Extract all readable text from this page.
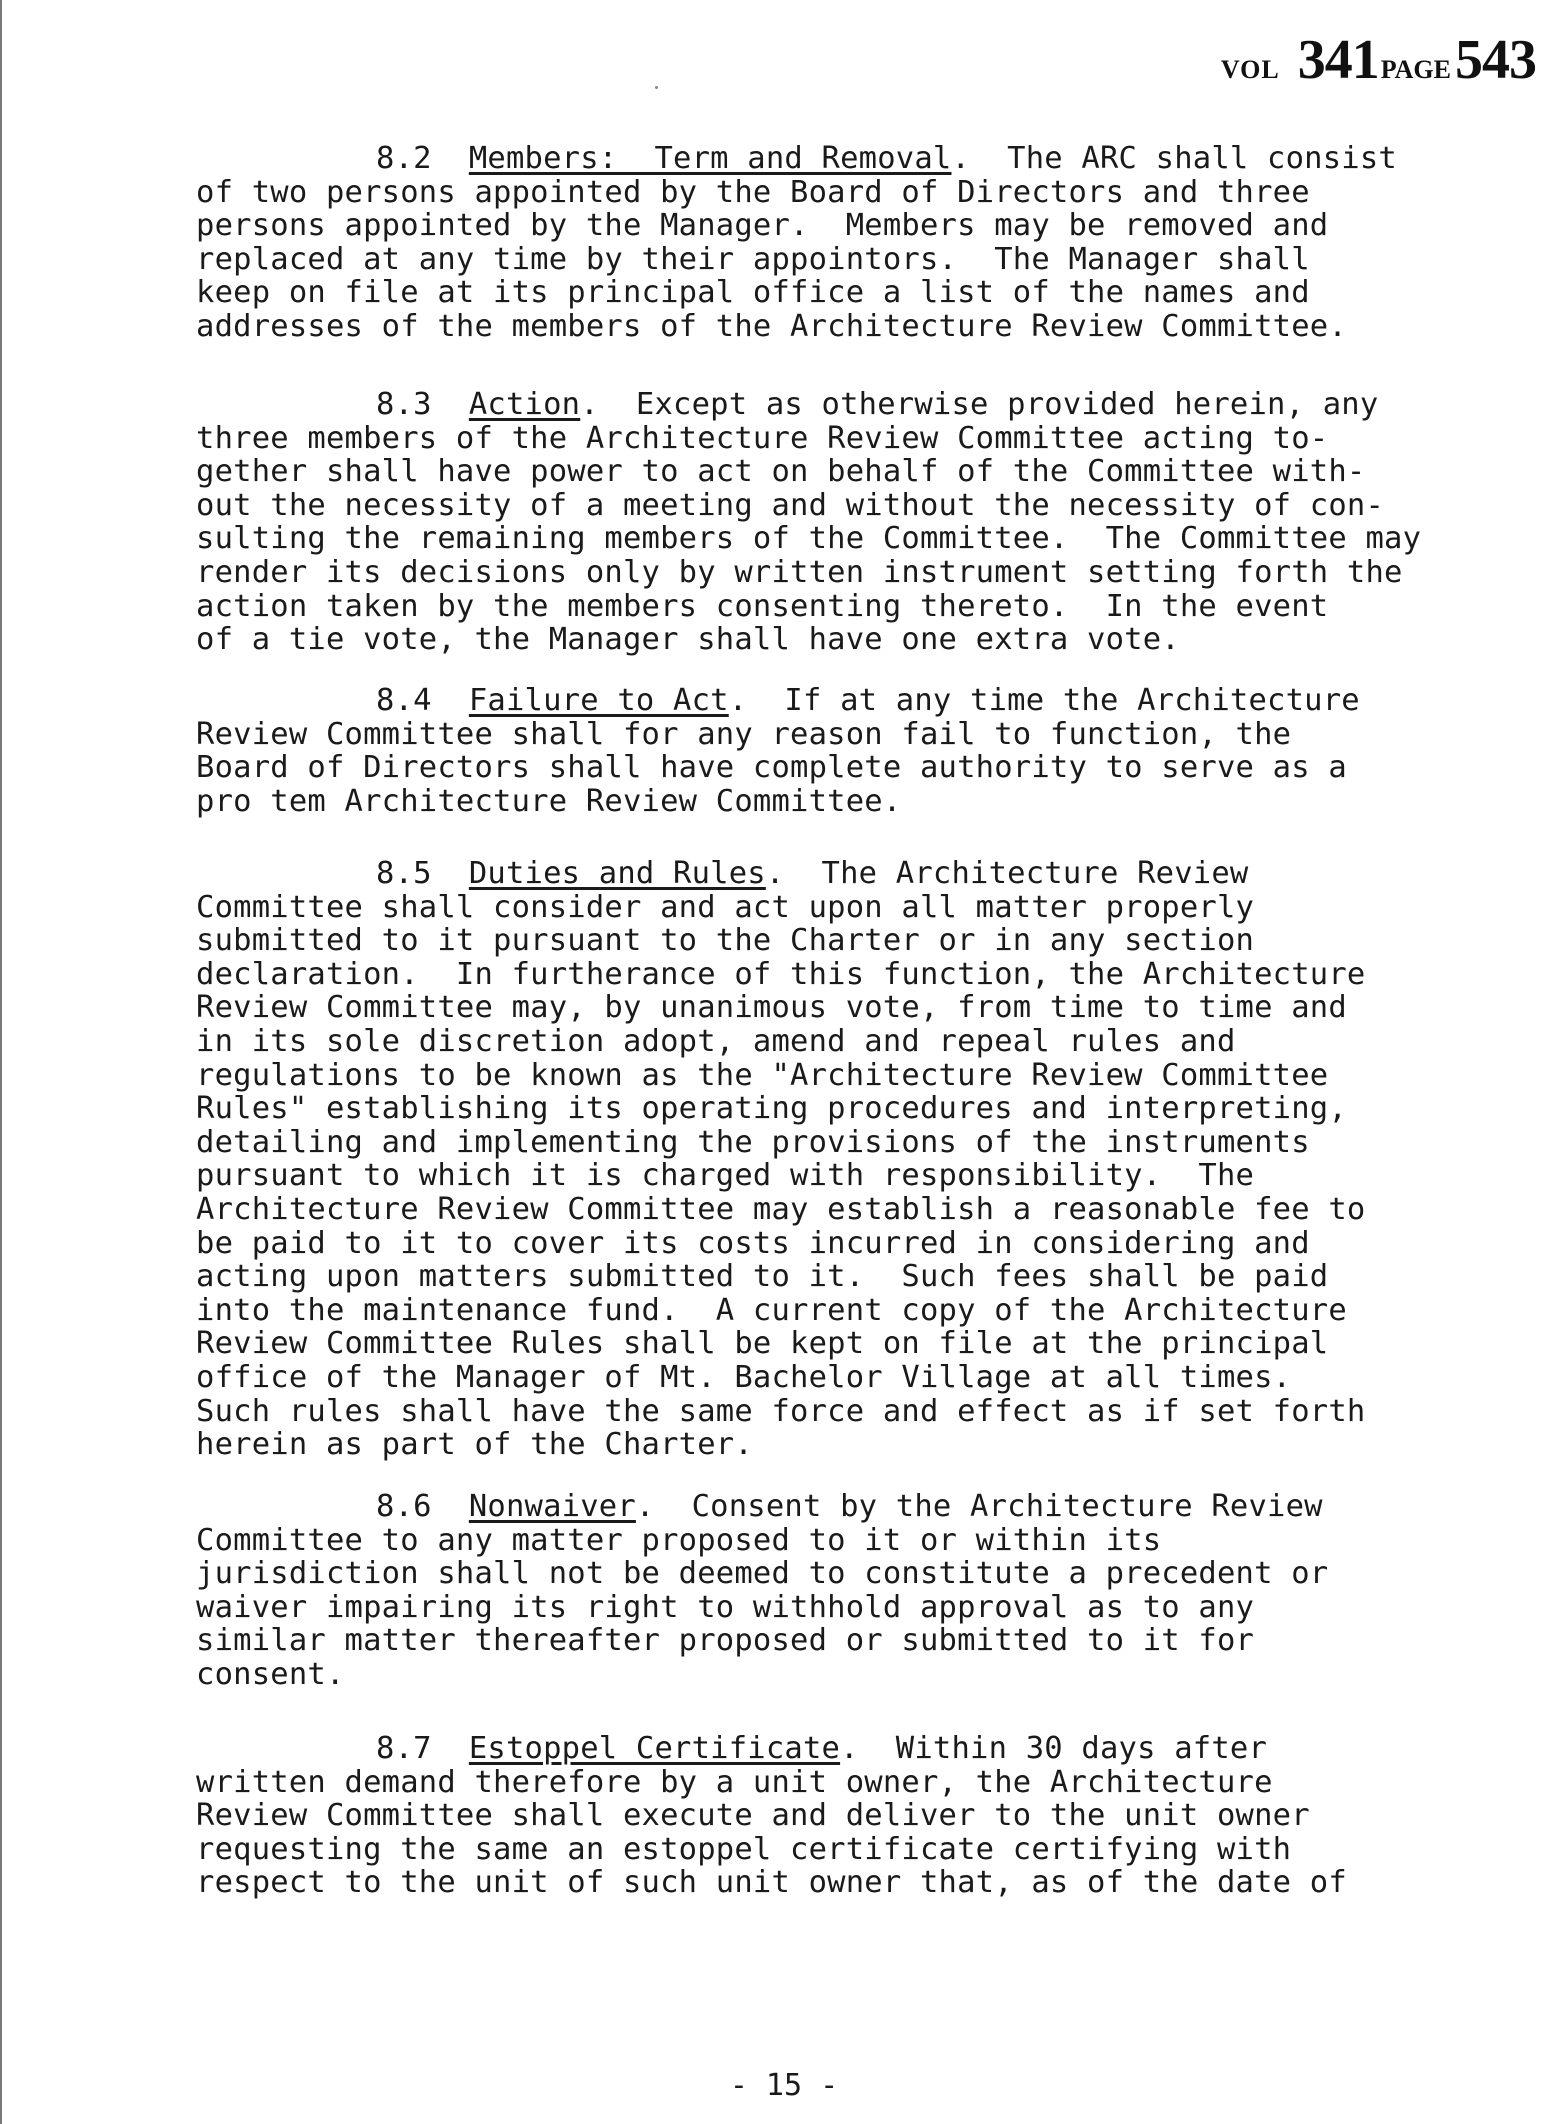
VOL 341PAGE543
8.2 Members:  Term and Removal.  The ARC shall consist
of two persons appointed by the Board of Directors and three
persons appointed by the Manager.  Members may be removed and
replaced at any time by their appointors.  The Manager shall
keep on file at its principal office a list of the names and
addresses of the members of the Architecture Review Committee.
8.3 Action.  Except as otherwise provided herein, any
three members of the Architecture Review Committee acting to-
gether shall have power to act on behalf of the Committee with-
out the necessity of a meeting and without the necessity of con-
sulting the remaining members of the Committee.  The Committee may
render its decisions only by written instrument setting forth the
action taken by the members consenting thereto.  In the event
of a tie vote, the Manager shall have one extra vote.
8.4 Failure to Act.  If at any time the Architecture
Review Committee shall for any reason fail to function, the
Board of Directors shall have complete authority to serve as a
pro tem Architecture Review Committee.
8.5 Duties and Rules.  The Architecture Review
Committee shall consider and act upon all matter properly
submitted to it pursuant to the Charter or in any section
declaration.  In furtherance of this function, the Architecture
Review Committee may, by unanimous vote, from time to time and
in its sole discretion adopt, amend and repeal rules and
regulations to be known as the "Architecture Review Committee
Rules" establishing its operating procedures and interpreting,
detailing and implementing the provisions of the instruments
pursuant to which it is charged with responsibility.  The
Architecture Review Committee may establish a reasonable fee to
be paid to it to cover its costs incurred in considering and
acting upon matters submitted to it.  Such fees shall be paid
into the maintenance fund.  A current copy of the Architecture
Review Committee Rules shall be kept on file at the principal
office of the Manager of Mt. Bachelor Village at all times.
Such rules shall have the same force and effect as if set forth
herein as part of the Charter.
8.6 Nonwaiver.  Consent by the Architecture Review
Committee to any matter proposed to it or within its
jurisdiction shall not be deemed to constitute a precedent or
waiver impairing its right to withhold approval as to any
similar matter thereafter proposed or submitted to it for
consent.
8.7 Estoppel Certificate.  Within 30 days after
written demand therefore by a unit owner, the Architecture
Review Committee shall execute and deliver to the unit owner
requesting the same an estoppel certificate certifying with
respect to the unit of such unit owner that, as of the date of
- 15 -
